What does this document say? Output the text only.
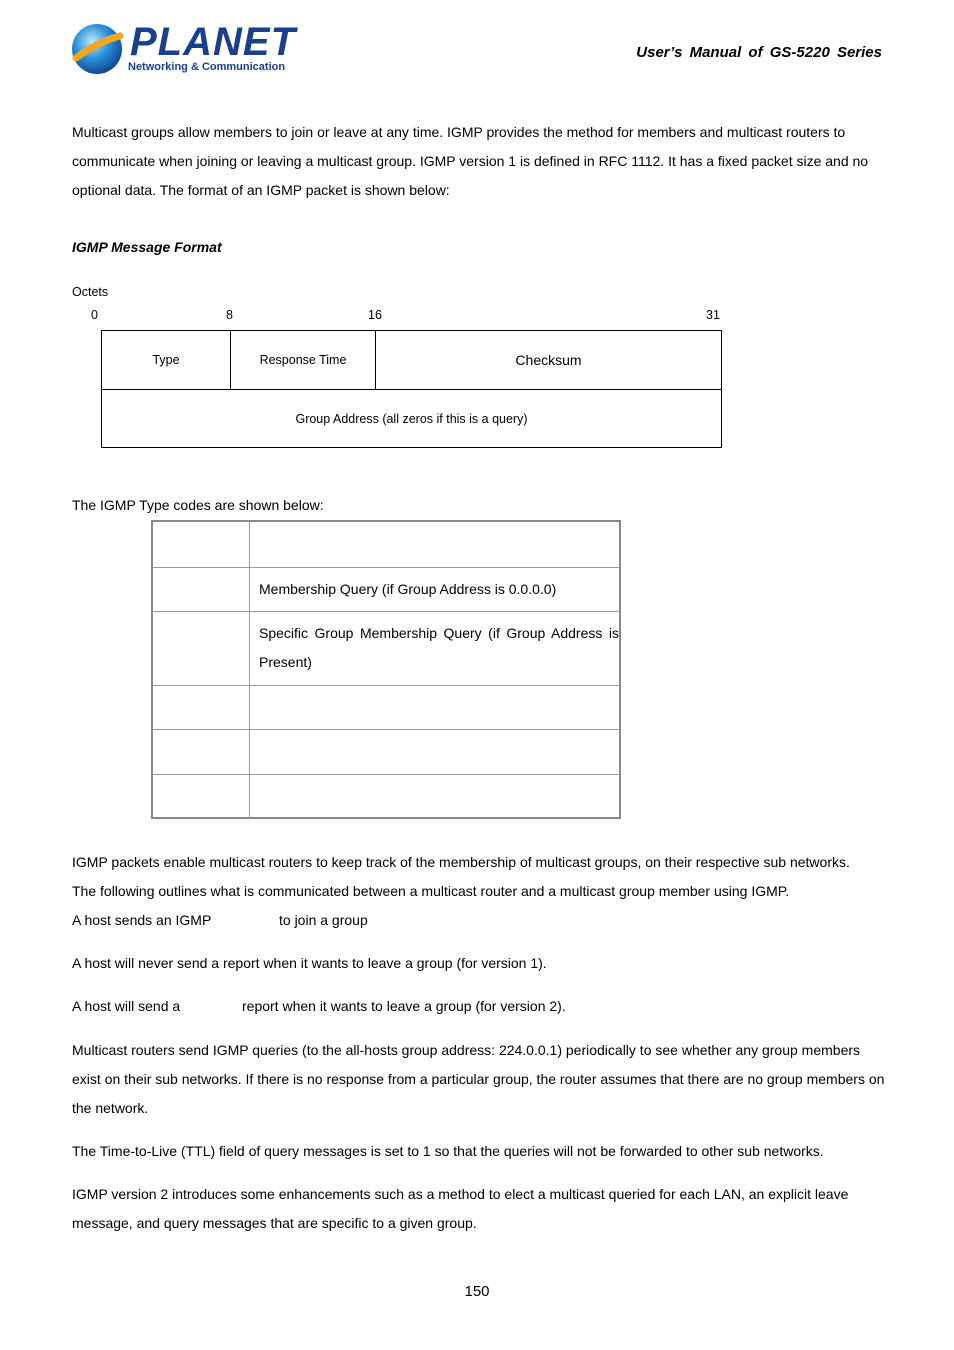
PLANET
Networking & Communication
User’s Manual of GS-5220 Series
Multicast groups allow members to join or leave at any time. IGMP provides the method for members and multicast routers to communicate when joining or leaving a multicast group. IGMP version 1 is defined in RFC 1112. It has a fixed packet size and no optional data. The format of an IGMP packet is shown below:
IGMP Message Format
Octets
0	8	16	31
Type	Response Time	Checksum
Group Address (all zeros if this is a query)
The IGMP Type codes are shown below:
Membership Query (if Group Address is 0.0.0.0)
Specific Group Membership Query (if Group Address is Present)
IGMP packets enable multicast routers to keep track of the membership of multicast groups, on their respective sub networks.
The following outlines what is communicated between a multicast router and a multicast group member using IGMP.
A host sends an IGMP	to join a group
A host will never send a report when it wants to leave a group (for version 1).
A host will send a	report when it wants to leave a group (for version 2).
Multicast routers send IGMP queries (to the all-hosts group address: 224.0.0.1) periodically to see whether any group members exist on their sub networks. If there is no response from a particular group, the router assumes that there are no group members on the network.
The Time-to-Live (TTL) field of query messages is set to 1 so that the queries will not be forwarded to other sub networks.
IGMP version 2 introduces some enhancements such as a method to elect a multicast queried for each LAN, an explicit leave message, and query messages that are specific to a given group.
150
